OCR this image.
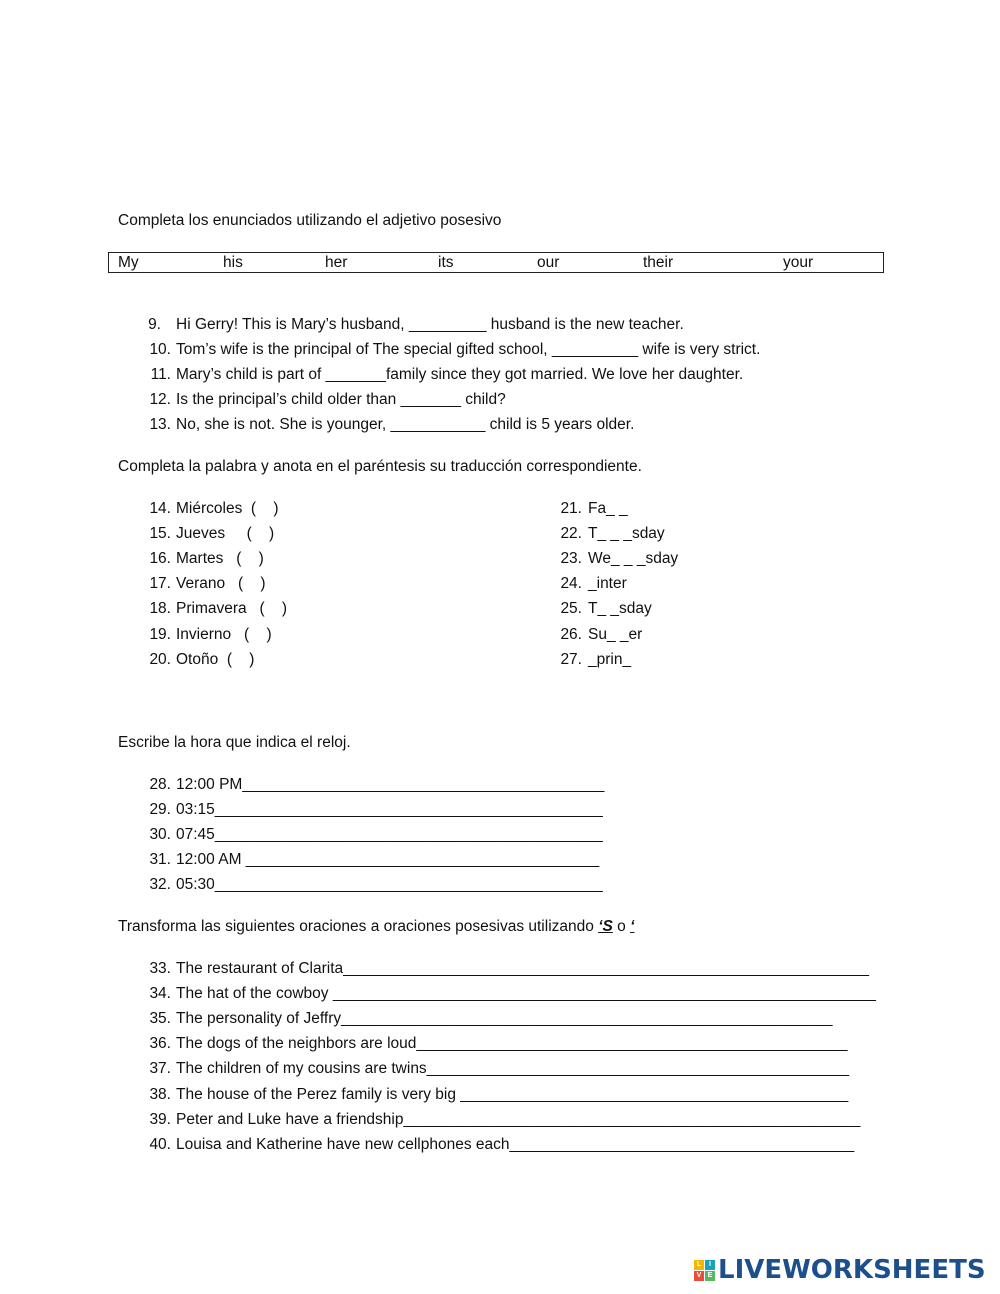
Completa los enunciados utilizando el adjetivo posesivo
My	his	her	its	our	their	your
9. Hi Gerry! This is Mary’s husband, _________ husband is the new teacher.
10. Tom’s wife is the principal of The special gifted school, __________ wife is very strict.
11. Mary’s child is part of _______family since they got married. We love her daughter.
12. Is the principal’s child older than _______ child?
13. No, she is not. She is younger, ___________ child is 5 years older.
Completa la palabra y anota en el paréntesis su traducción correspondiente.
14. Miércoles  (    )
15. Jueves     (    )
16. Martes   (    )
17. Verano   (    )
18. Primavera   (    )
19. Invierno   (    )
20. Otoño  (    )
21. Fa_ _
22. T_ _ _sday
23. We_ _ _sday
24. _inter
25. T_ _sday
26. Su_ _er
27. _prin_
Escribe la hora que indica el reloj.
28. 12:00 PM__________________________________________
29. 03:15_____________________________________________
30. 07:45_____________________________________________
31. 12:00 AM _________________________________________
32. 05:30_____________________________________________
Transforma las siguientes oraciones a oraciones posesivas utilizando ‘S o ‘
33. The restaurant of Clarita_____________________________________________________________
34. The hat of the cowboy _______________________________________________________________
35. The personality of Jeffry_________________________________________________________
36. The dogs of the neighbors are loud__________________________________________________
37. The children of my cousins are twins_________________________________________________
38. The house of the Perez family is very big _____________________________________________
39. Peter and Luke have a friendship_____________________________________________________
40. Louisa and Katherine have new cellphones each________________________________________
L	I
V E LIVEWORKSHEETS
